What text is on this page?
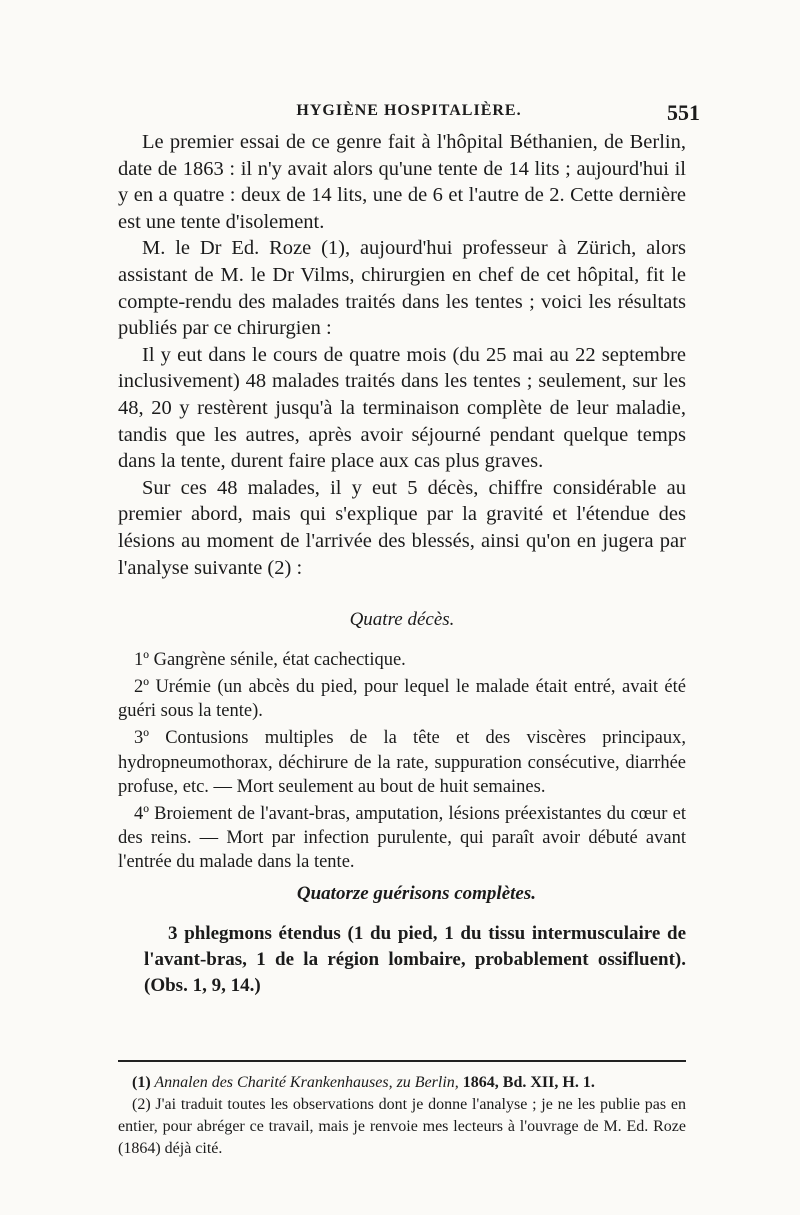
HYGIÈNE HOSPITALIÈRE.	551

Le premier essai de ce genre fait à l'hôpital Béthanien, de Berlin, date de 1863 : il n'y avait alors qu'une tente de 14 lits ; aujourd'hui il y en a quatre : deux de 14 lits, une de 6 et l'autre de 2. Cette dernière est une tente d'isolement.

M. le Dr Ed. Roze (1), aujourd'hui professeur à Zürich, alors assistant de M. le Dr Vilms, chirurgien en chef de cet hôpital, fit le compte-rendu des malades traités dans les tentes ; voici les résultats publiés par ce chirurgien :

Il y eut dans le cours de quatre mois (du 25 mai au 22 septembre inclusivement) 48 malades traités dans les tentes ; seulement, sur les 48, 20 y restèrent jusqu'à la terminaison complète de leur maladie, tandis que les autres, après avoir séjourné pendant quelque temps dans la tente, durent faire place aux cas plus graves.

Sur ces 48 malades, il y eut 5 décès, chiffre considérable au premier abord, mais qui s'explique par la gravité et l'étendue des lésions au moment de l'arrivée des blessés, ainsi qu'on en jugera par l'analyse suivante (2) :

Quatre décès.

1º Gangrène sénile, état cachectique.

2º Urémie (un abcès du pied, pour lequel le malade était entré, avait été guéri sous la tente).

3º Contusions multiples de la tête et des viscères principaux, hydropneumothorax, déchirure de la rate, suppuration consécutive, diarrhée profuse, etc. — Mort seulement au bout de huit semaines.

4º Broiement de l'avant-bras, amputation, lésions préexistantes du cœur et des reins. — Mort par infection purulente, qui paraît avoir débuté avant l'entrée du malade dans la tente.

Quatorze guérisons complètes.

3 phlegmons étendus (1 du pied, 1 du tissu intermusculaire de l'avant-bras, 1 de la région lombaire, probablement ossifluent). (Obs. 1, 9, 14.)

(1) Annalen des Charité Krankenhauses, zu Berlin, 1864, Bd. XII, H. 1.

(2) J'ai traduit toutes les observations dont je donne l'analyse ; je ne les publie pas en entier, pour abréger ce travail, mais je renvoie mes lecteurs à l'ouvrage de M. Ed. Roze (1864) déjà cité.
